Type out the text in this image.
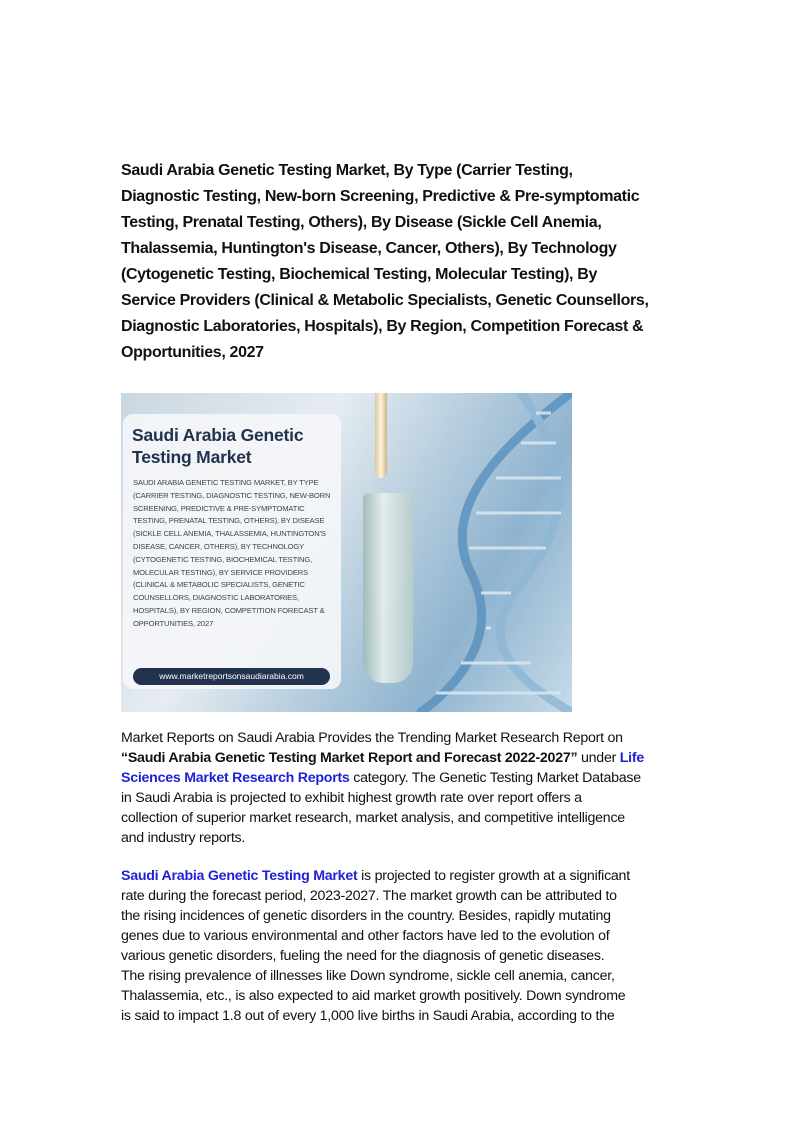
Saudi Arabia Genetic Testing Market, By Type (Carrier Testing,
Diagnostic Testing, New-born Screening, Predictive & Pre-symptomatic
Testing, Prenatal Testing, Others), By Disease (Sickle Cell Anemia,
Thalassemia, Huntington's Disease, Cancer, Others), By Technology
(Cytogenetic Testing, Biochemical Testing, Molecular Testing), By
Service Providers (Clinical & Metabolic Specialists, Genetic Counsellors,
Diagnostic Laboratories, Hospitals), By Region, Competition Forecast &
Opportunities, 2027
Saudi Arabia Genetic
Testing Market
SAUDI ARABIA GENETIC TESTING MARKET, BY TYPE (CARRIER TESTING, DIAGNOSTIC TESTING, NEW-BORN SCREENING, PREDICTIVE & PRE-SYMPTOMATIC TESTING, PRENATAL TESTING, OTHERS), BY DISEASE (SICKLE CELL ANEMIA, THALASSEMIA, HUNTINGTON'S DISEASE, CANCER, OTHERS), BY TECHNOLOGY (CYTOGENETIC TESTING, BIOCHEMICAL TESTING, MOLECULAR TESTING), BY SERVICE PROVIDERS (CLINICAL & METABOLIC SPECIALISTS, GENETIC COUNSELLORS, DIAGNOSTIC LABORATORIES, HOSPITALS), BY REGION, COMPETITION FORECAST & OPPORTUNITIES, 2027
www.marketreportsonsaudiarabia.com
Market Reports on Saudi Arabia Provides the Trending Market Research Report on
“Saudi Arabia Genetic Testing Market Report and Forecast 2022-2027” under Life
Sciences Market Research Reports category. The Genetic Testing Market Database
in Saudi Arabia is projected to exhibit highest growth rate over report offers a
collection of superior market research, market analysis, and competitive intelligence
and industry reports.
Saudi Arabia Genetic Testing Market is projected to register growth at a significant
rate during the forecast period, 2023-2027. The market growth can be attributed to
the rising incidences of genetic disorders in the country. Besides, rapidly mutating
genes due to various environmental and other factors have led to the evolution of
various genetic disorders, fueling the need for the diagnosis of genetic diseases.
The rising prevalence of illnesses like Down syndrome, sickle cell anemia, cancer,
Thalassemia, etc., is also expected to aid market growth positively. Down syndrome
is said to impact 1.8 out of every 1,000 live births in Saudi Arabia, according to the
